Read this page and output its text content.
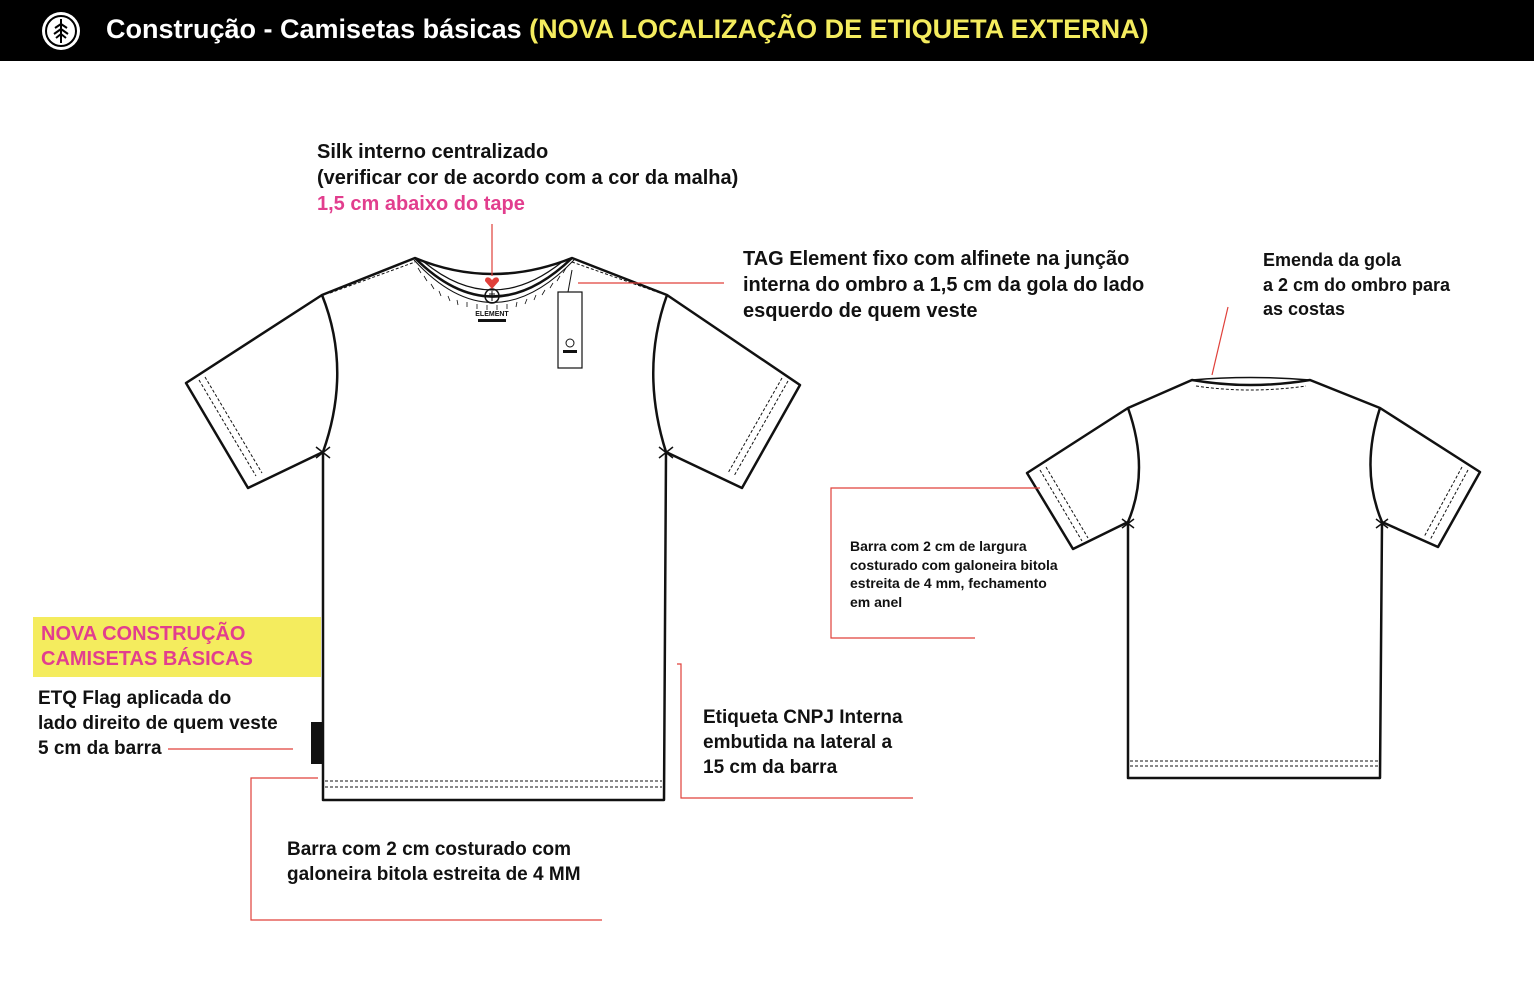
Construção - Camisetas básicas (NOVA LOCALIZAÇÃO DE ETIQUETA EXTERNA)
ELEMENT
Silk interno centralizado
(verificar cor de acordo com a cor da malha)
1,5 cm abaixo do tape
TAG Element fixo com alfinete na junção
interna do ombro a 1,5 cm da gola do lado
esquerdo de quem veste
Emenda da gola
a 2 cm do ombro para
as costas
Barra com 2 cm de largura
costurado com galoneira bitola
estreita de 4 mm, fechamento
em anel
NOVA CONSTRUÇÃO
CAMISETAS BÁSICAS
ETQ Flag aplicada do
lado direito de quem veste
5 cm da barra
Etiqueta CNPJ Interna
embutida na lateral a
15 cm da barra
Barra com 2 cm costurado com
galoneira bitola estreita de 4 MM
